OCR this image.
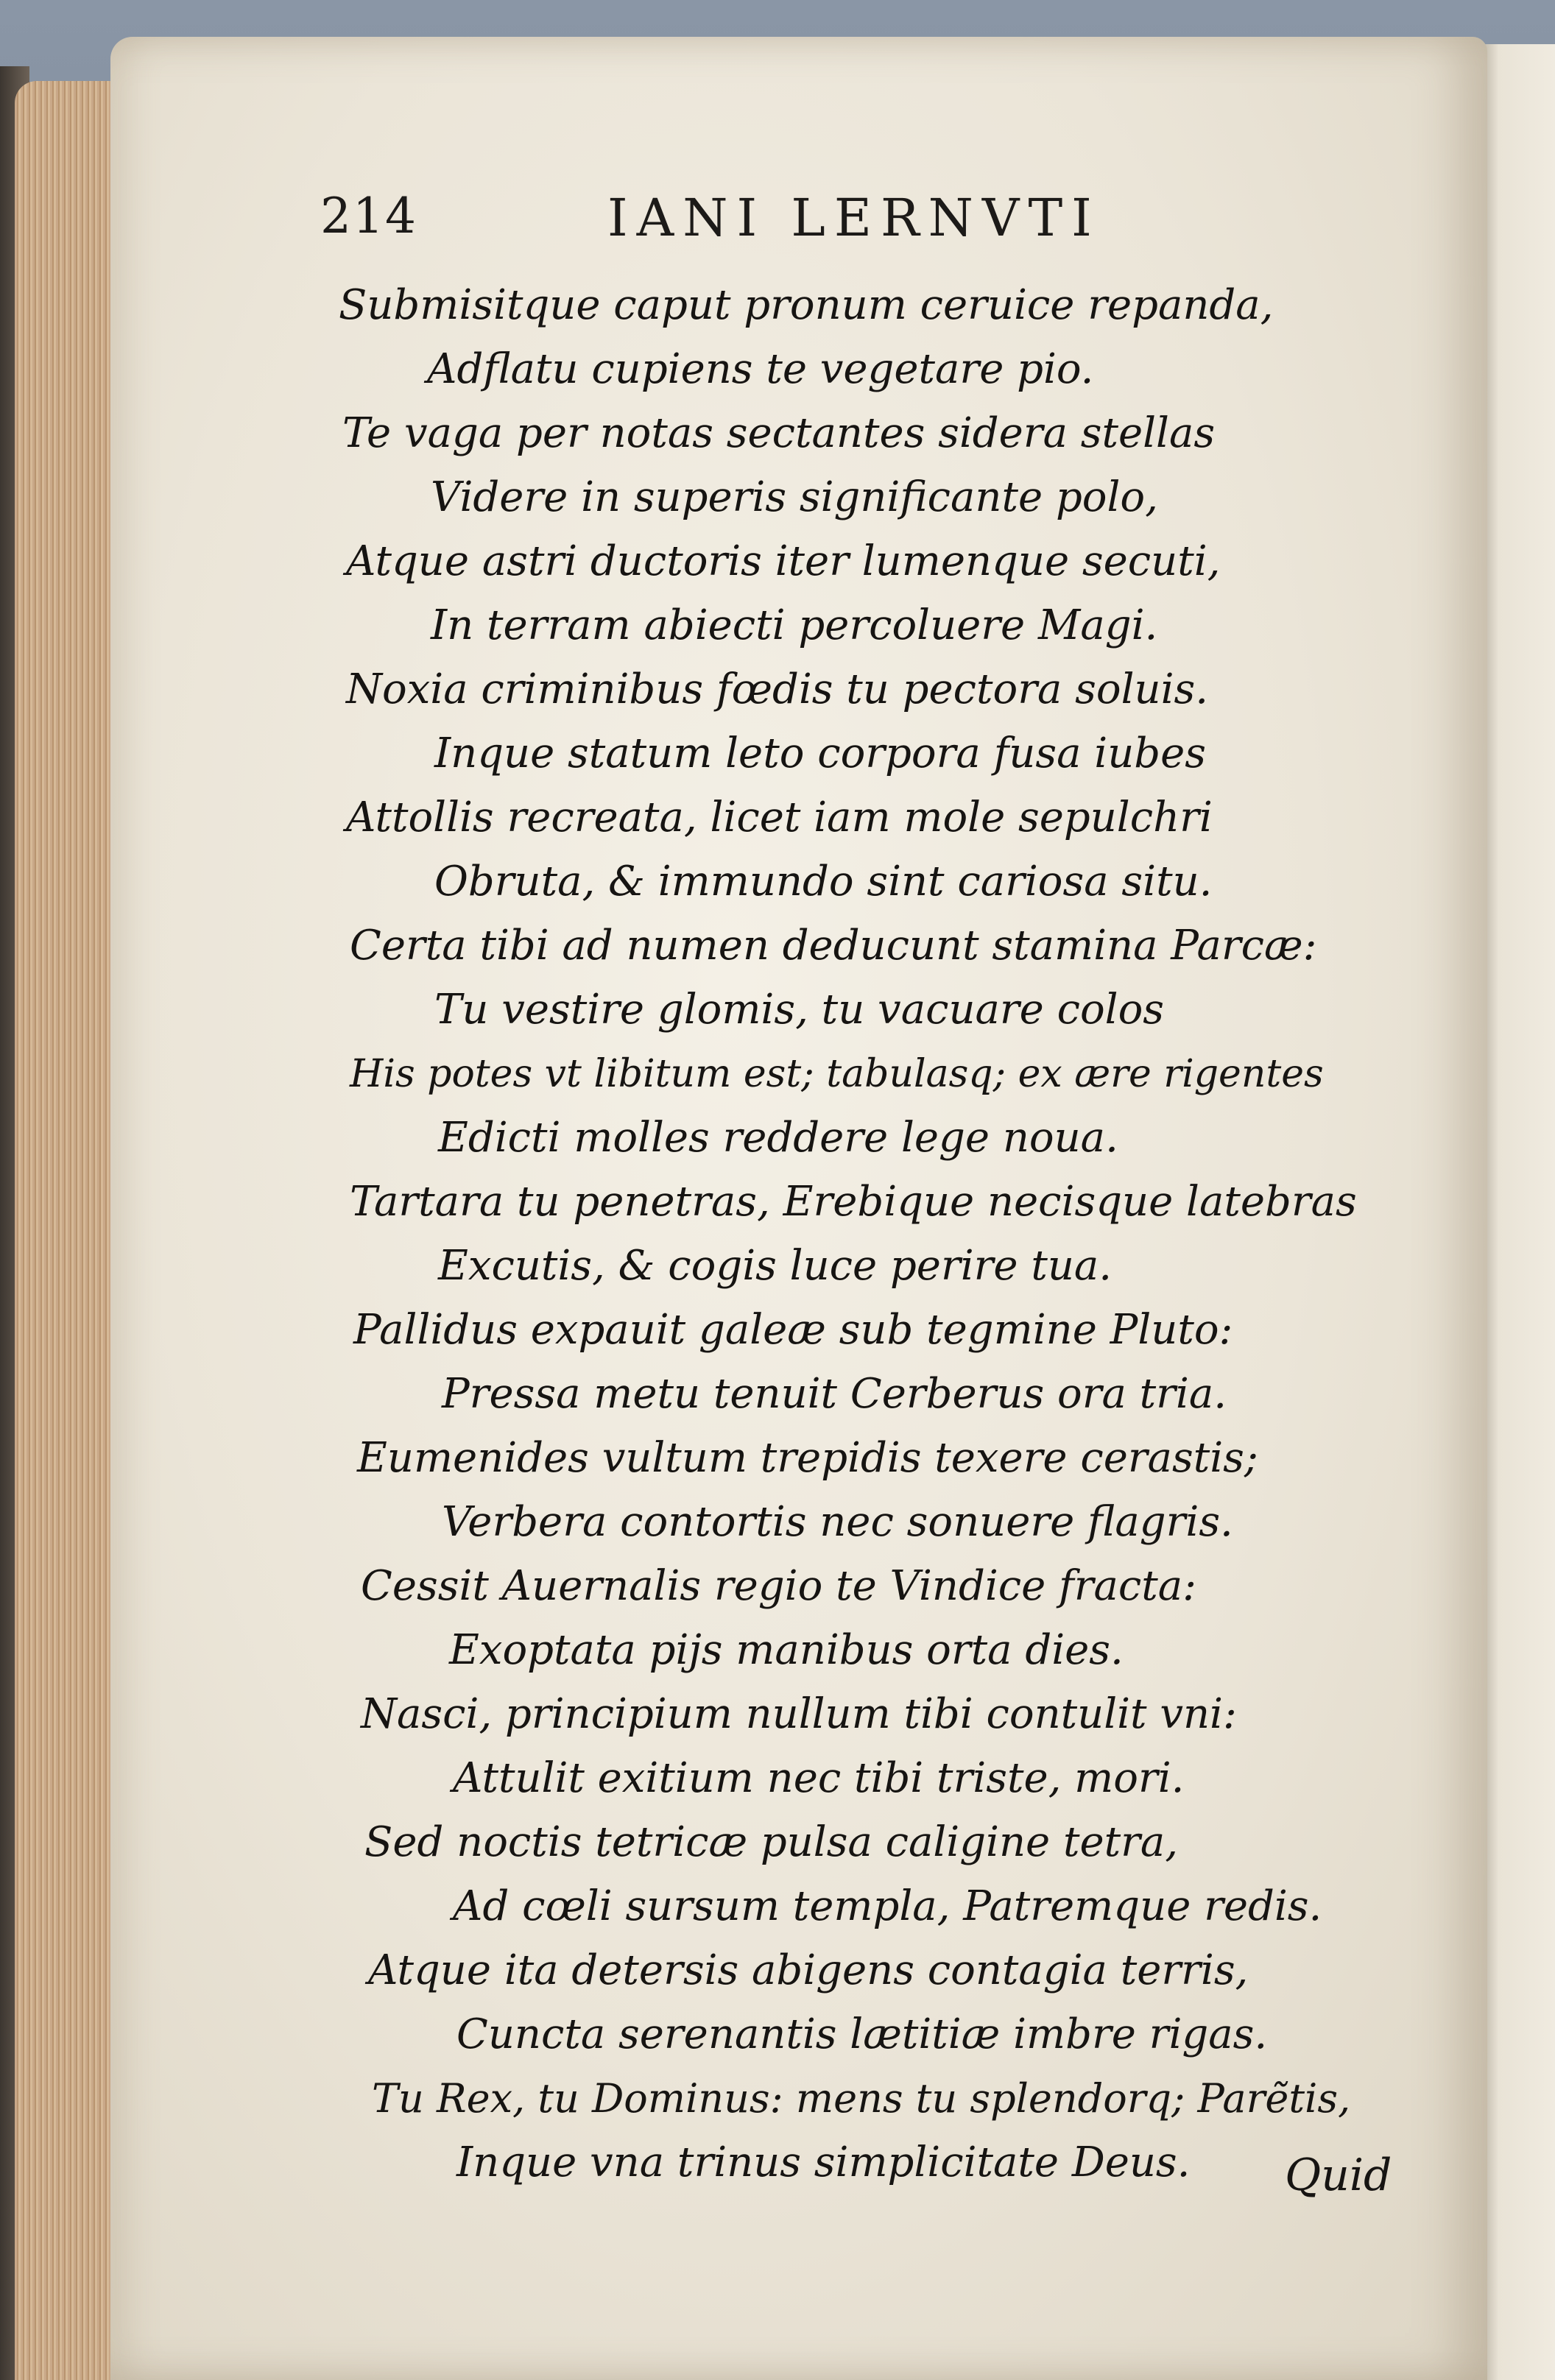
214	IANI LERNVTI
Submisitque caput pronum ceruice repanda,
Adflatu cupiens te vegetare pio.
Te vaga per notas sectantes sidera stellas
Videre in superis significante polo,
Atque astri ductoris iter lumenque secuti,
In terram abiecti percoluere Magi.
Noxia criminibus fœdis tu pectora soluis.
Inque statum leto corpora fusa iubes
Attollis recreata, licet iam mole sepulchri
Obruta, & immundo sint cariosa situ.
Certa tibi ad numen deducunt stamina Parcæ:
Tu vestire glomis, tu vacuare colos
His potes vt libitum est; tabulasq; ex ære rigentes
Edicti molles reddere lege noua.
Tartara tu penetras, Erebique necisque latebras
Excutis, & cogis luce perire tua.
Pallidus expauit galeæ sub tegmine Pluto:
Pressa metu tenuit Cerberus ora tria.
Eumenides vultum trepidis texere cerastis;
Verbera contortis nec sonuere flagris.
Cessit Auernalis regio te Vindice fracta:
Exoptata pijs manibus orta dies.
Nasci, principium nullum tibi contulit vni:
Attulit exitium nec tibi triste, mori.
Sed noctis tetricæ pulsa caligine tetra,
Ad cœli sursum templa, Patremque redis.
Atque ita detersis abigens contagia terris,
Cuncta serenantis lætitiæ imbre rigas.
Tu Rex, tu Dominus: mens tu splendorq; Parẽtis,
Inque vna trinus simplicitate Deus. Quid
